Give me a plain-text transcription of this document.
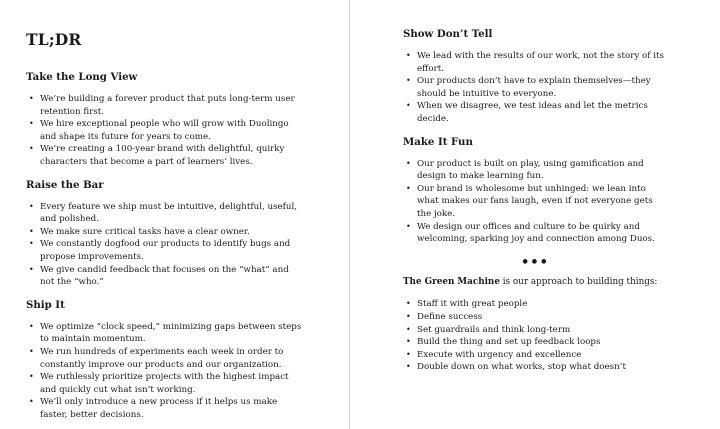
TL;DR
Take the Long View
• We’re building a forever product that puts long-term user retention first.
• We hire exceptional people who will grow with Duolingo and shape its future for years to come.
• We’re creating a 100-year brand with delightful, quirky characters that become a part of learners’ lives.
Raise the Bar
• Every feature we ship must be intuitive, delightful, useful, and polished.
• We make sure critical tasks have a clear owner.
• We constantly dogfood our products to identify bugs and propose improvements.
• We give candid feedback that focuses on the “what” and not the “who.”
Ship It
• We optimize “clock speed,” minimizing gaps between steps to maintain momentum.
• We run hundreds of experiments each week in order to constantly improve our products and our organization.
• We ruthlessly prioritize projects with the highest impact and quickly cut what isn’t working.
• We’ll only introduce a new process if it helps us make faster, better decisions.
Show Don’t Tell
• We lead with the results of our work, not the story of its effort.
• Our products don’t have to explain themselves—they should be intuitive to everyone.
• When we disagree, we test ideas and let the metrics decide.
Make It Fun
• Our product is built on play, using gamification and design to make learning fun.
• Our brand is wholesome but unhinged: we lean into what makes our fans laugh, even if not everyone gets the joke.
• We design our offices and culture to be quirky and welcoming, sparking joy and connection among Duos.
•••
The Green Machine is our approach to building things:
• Staff it with great people
• Define success
• Set guardrails and think long-term
• Build the thing and set up feedback loops
• Execute with urgency and excellence
• Double down on what works, stop what doesn’t
